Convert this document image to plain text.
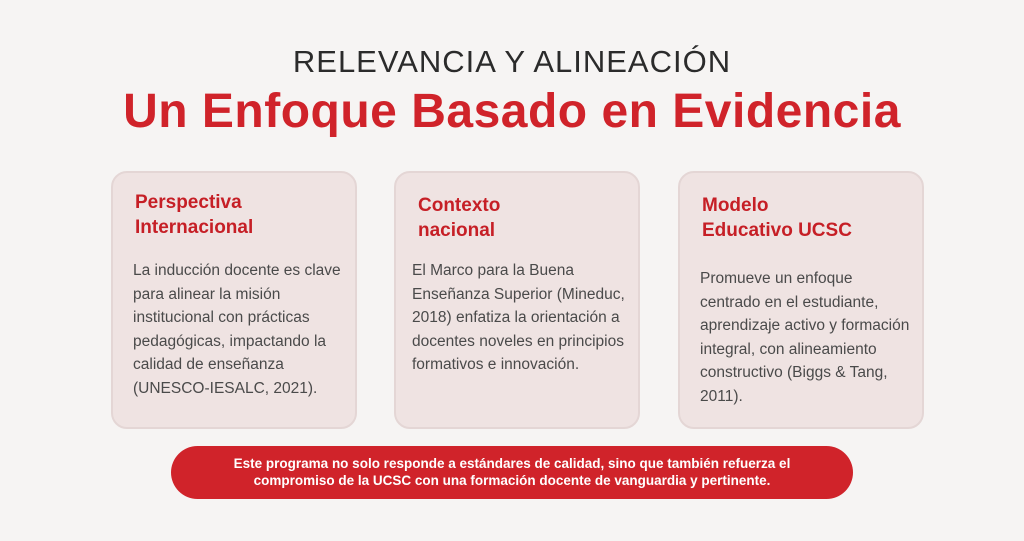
RELEVANCIA Y ALINEACIÓN
Un Enfoque Basado en Evidencia
Perspectiva
Internacional
La inducción docente es clave para alinear la misión institucional con prácticas pedagógicas, impactando la calidad de enseñanza (UNESCO-IESALC, 2021).
Contexto
nacional
El Marco para la Buena Enseñanza Superior (Mineduc, 2018) enfatiza la orientación a docentes noveles en principios formativos e innovación.
Modelo
Educativo UCSC
Promueve un enfoque centrado en el estudiante, aprendizaje activo y formación integral, con alineamiento constructivo (Biggs & Tang, 2011).
Este programa no solo responde a estándares de calidad, sino que también refuerza el compromiso de la UCSC con una formación docente de vanguardia y pertinente.
